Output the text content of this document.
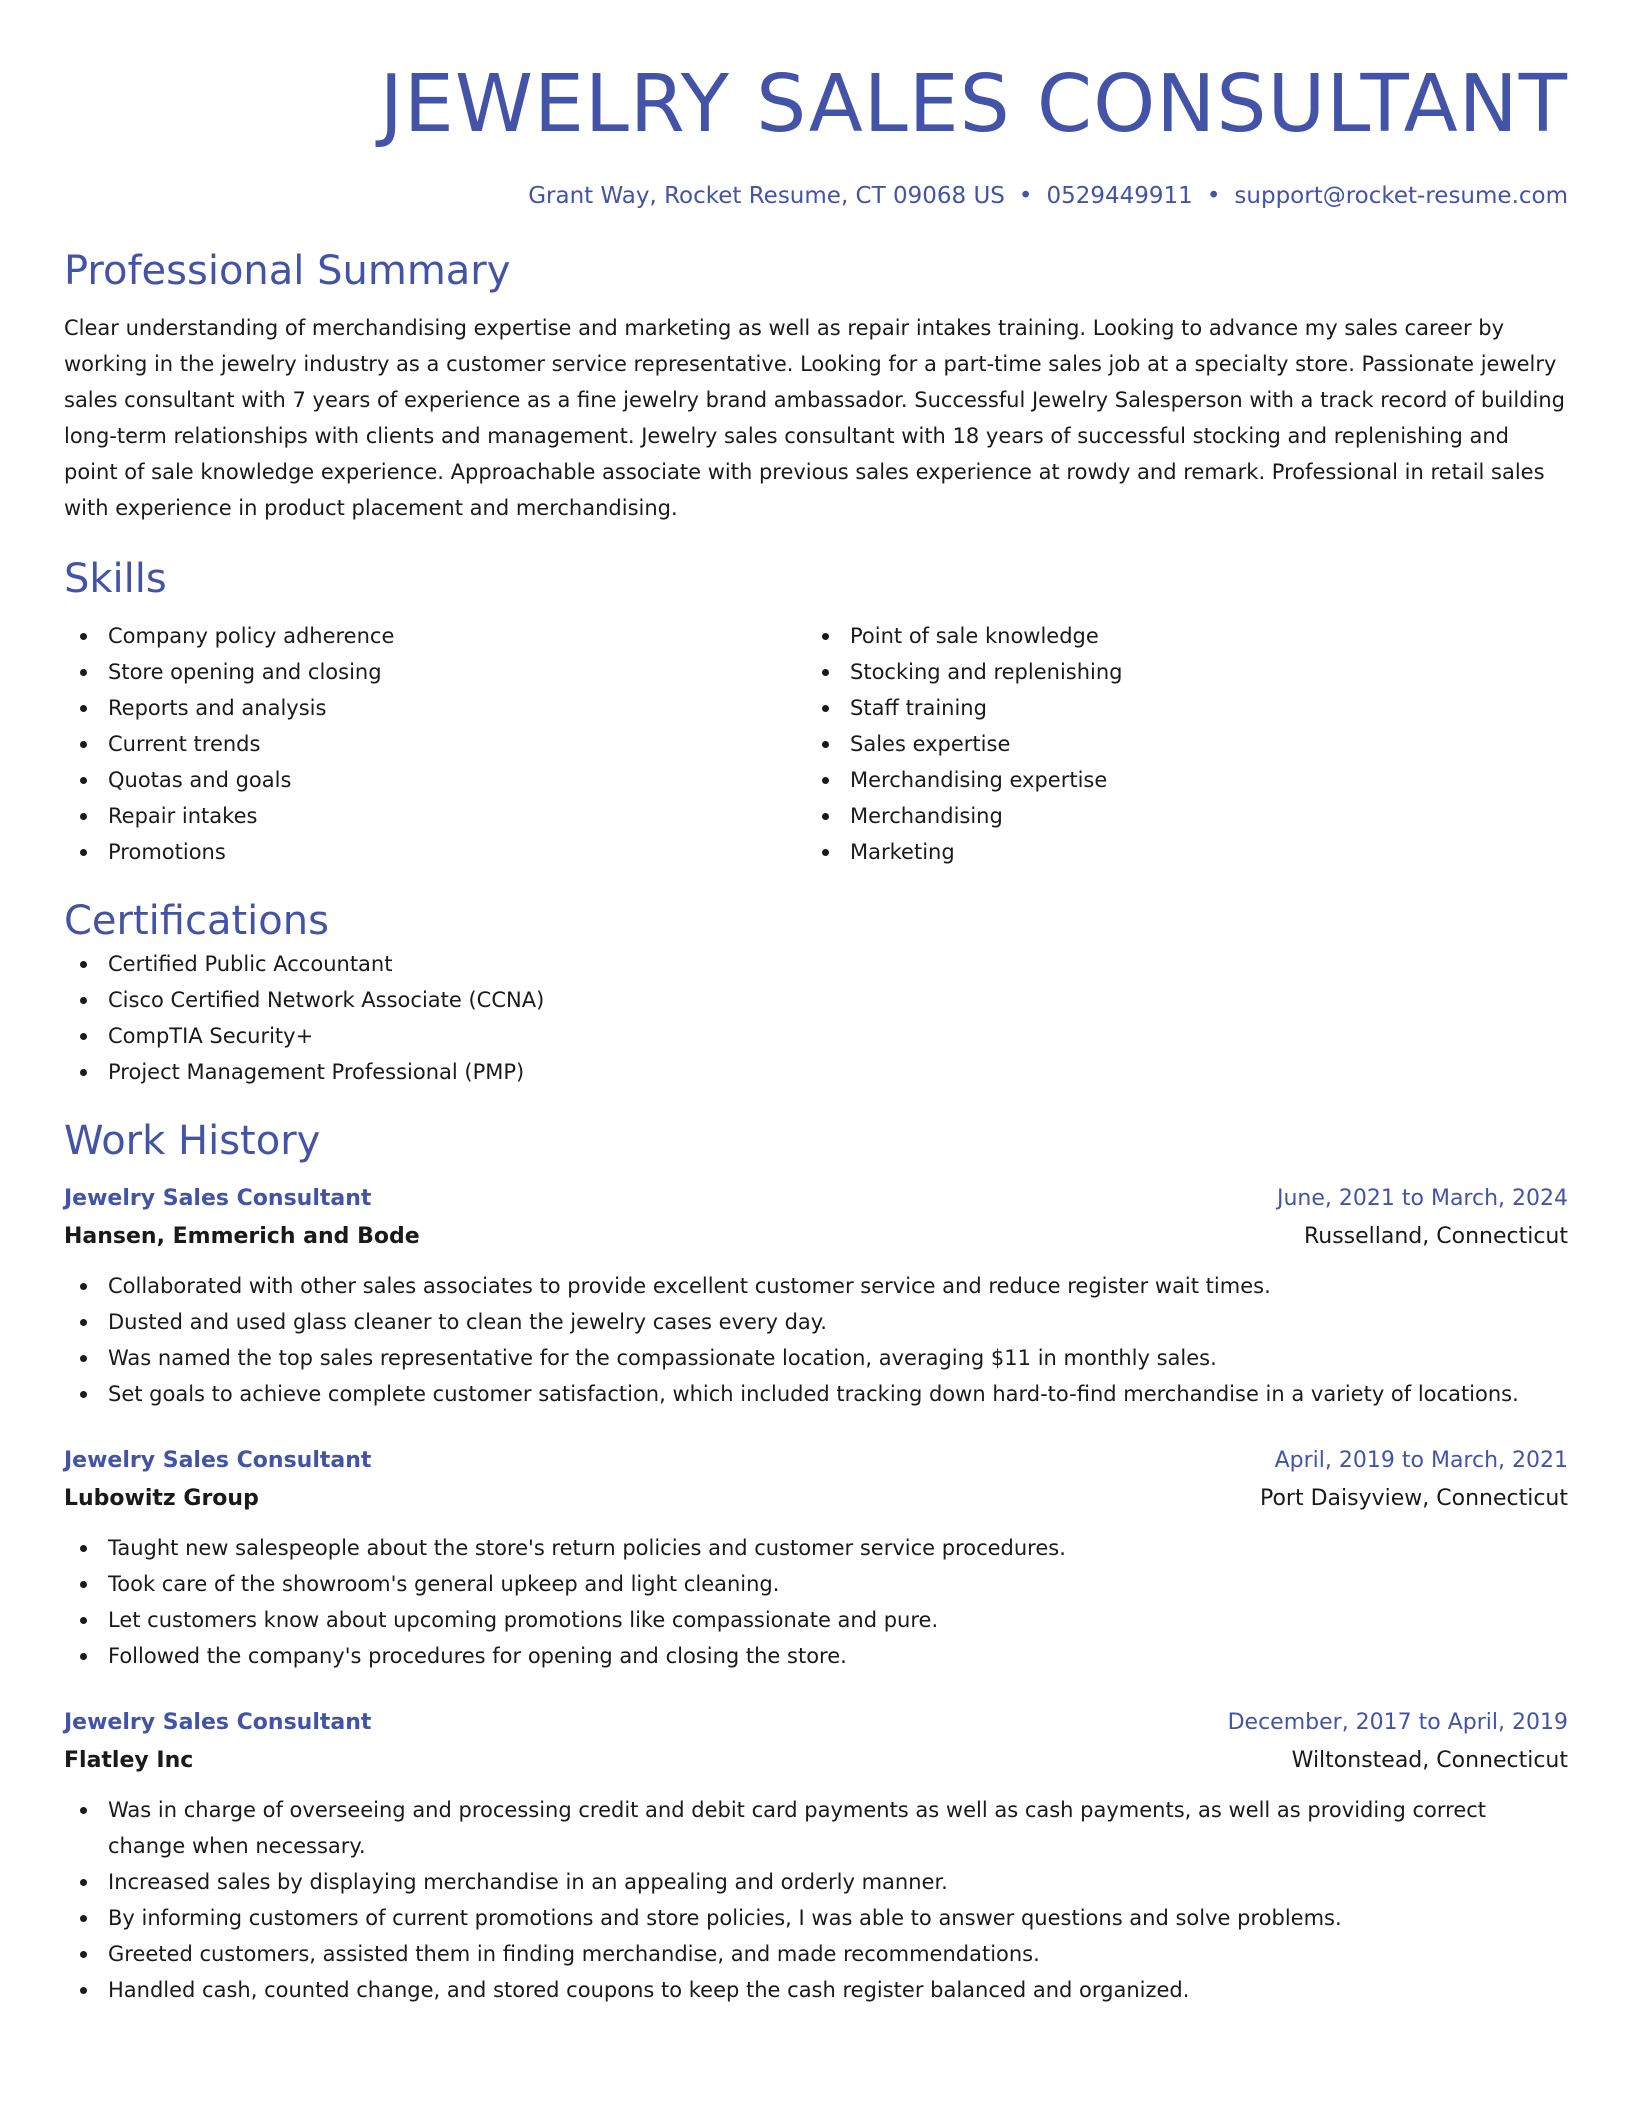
JEWELRY SALES CONSULTANT
Grant Way, Rocket Resume, CT 09068 US • 0529449911 • support@rocket-resume.com
Professional Summary
Clear understanding of merchandising expertise and marketing as well as repair intakes training. Looking to advance my sales career by working in the jewelry industry as a customer service representative. Looking for a part-time sales job at a specialty store. Passionate jewelry sales consultant with 7 years of experience as a fine jewelry brand ambassador. Successful Jewelry Salesperson with a track record of building long-term relationships with clients and management. Jewelry sales consultant with 18 years of successful stocking and replenishing and point of sale knowledge experience. Approachable associate with previous sales experience at rowdy and remark. Professional in retail sales with experience in product placement and merchandising.
Skills
Company policy adherence
Store opening and closing
Reports and analysis
Current trends
Quotas and goals
Repair intakes
Promotions
Point of sale knowledge
Stocking and replenishing
Staff training
Sales expertise
Merchandising expertise
Merchandising
Marketing
Certifications
Certified Public Accountant
Cisco Certified Network Associate (CCNA)
CompTIA Security+
Project Management Professional (PMP)
Work History
Jewelry Sales Consultant	June, 2021 to March, 2024
Hansen, Emmerich and Bode	Russelland, Connecticut
Collaborated with other sales associates to provide excellent customer service and reduce register wait times.
Dusted and used glass cleaner to clean the jewelry cases every day.
Was named the top sales representative for the compassionate location, averaging $11 in monthly sales.
Set goals to achieve complete customer satisfaction, which included tracking down hard-to-find merchandise in a variety of locations.
Jewelry Sales Consultant	April, 2019 to March, 2021
Lubowitz Group	Port Daisyview, Connecticut
Taught new salespeople about the store's return policies and customer service procedures.
Took care of the showroom's general upkeep and light cleaning.
Let customers know about upcoming promotions like compassionate and pure.
Followed the company's procedures for opening and closing the store.
Jewelry Sales Consultant	December, 2017 to April, 2019
Flatley Inc	Wiltonstead, Connecticut
Was in charge of overseeing and processing credit and debit card payments as well as cash payments, as well as providing correct change when necessary.
Increased sales by displaying merchandise in an appealing and orderly manner.
By informing customers of current promotions and store policies, I was able to answer questions and solve problems.
Greeted customers, assisted them in finding merchandise, and made recommendations.
Handled cash, counted change, and stored coupons to keep the cash register balanced and organized.
